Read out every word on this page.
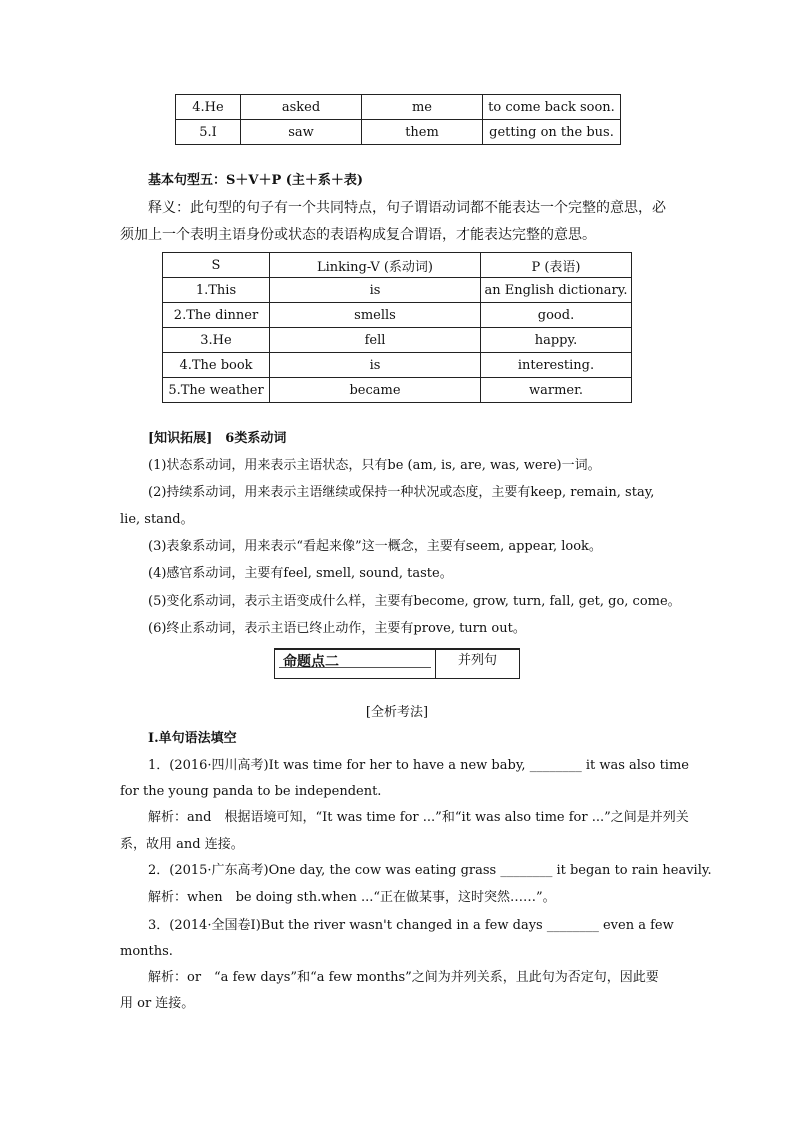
4.He	asked	me	to come back soon.
5.I	saw	them	getting on the bus.
基本句型五：S＋V＋P (主＋系＋表)
释义：此句型的句子有一个共同特点，句子谓语动词都不能表达一个完整的意思，必
须加上一个表明主语身份或状态的表语构成复合谓语，才能表达完整的意思。
S	Linking-V (系动词)	P (表语)
1.This	is	an English dictionary.
2.The dinner	smells	good.
3.He	fell	happy.
4.The book	is	interesting.
5.The weather	became	warmer.
[知识拓展]　6类系动词
(1)状态系动词，用来表示主语状态，只有be (am, is, are, was, were)一词。
(2)持续系动词，用来表示主语继续或保持一种状况或态度，主要有keep, remain, stay,
lie, stand。
(3)表象系动词，用来表示“看起来像”这一概念，主要有seem, appear, look。
(4)感官系动词，主要有feel, smell, sound, taste。
(5)变化系动词，表示主语变成什么样，主要有become, grow, turn, fall, get, go, come。
(6)终止系动词，表示主语已终止动作，主要有prove, turn out。
命题点二	并列句
[全析考法]
Ⅰ.单句语法填空
1．(2016·四川高考)It was time for her to have a new baby, ________ it was also time
for the young panda to be independent.
解析：and　根据语境可知，“It was time for ...”和“it was also time for ...”之间是并列关
系，故用 and 连接。
2．(2015·广东高考)One day, the cow was eating grass ________ it began to rain heavily.
解析：when　be doing sth.when ...“正在做某事，这时突然……”。
3．(2014·全国卷Ⅰ)But the river wasn't changed in a few days ________ even a few
months.
解析：or　“a few days”和“a few months”之间为并列关系，且此句为否定句，因此要
用 or 连接。
